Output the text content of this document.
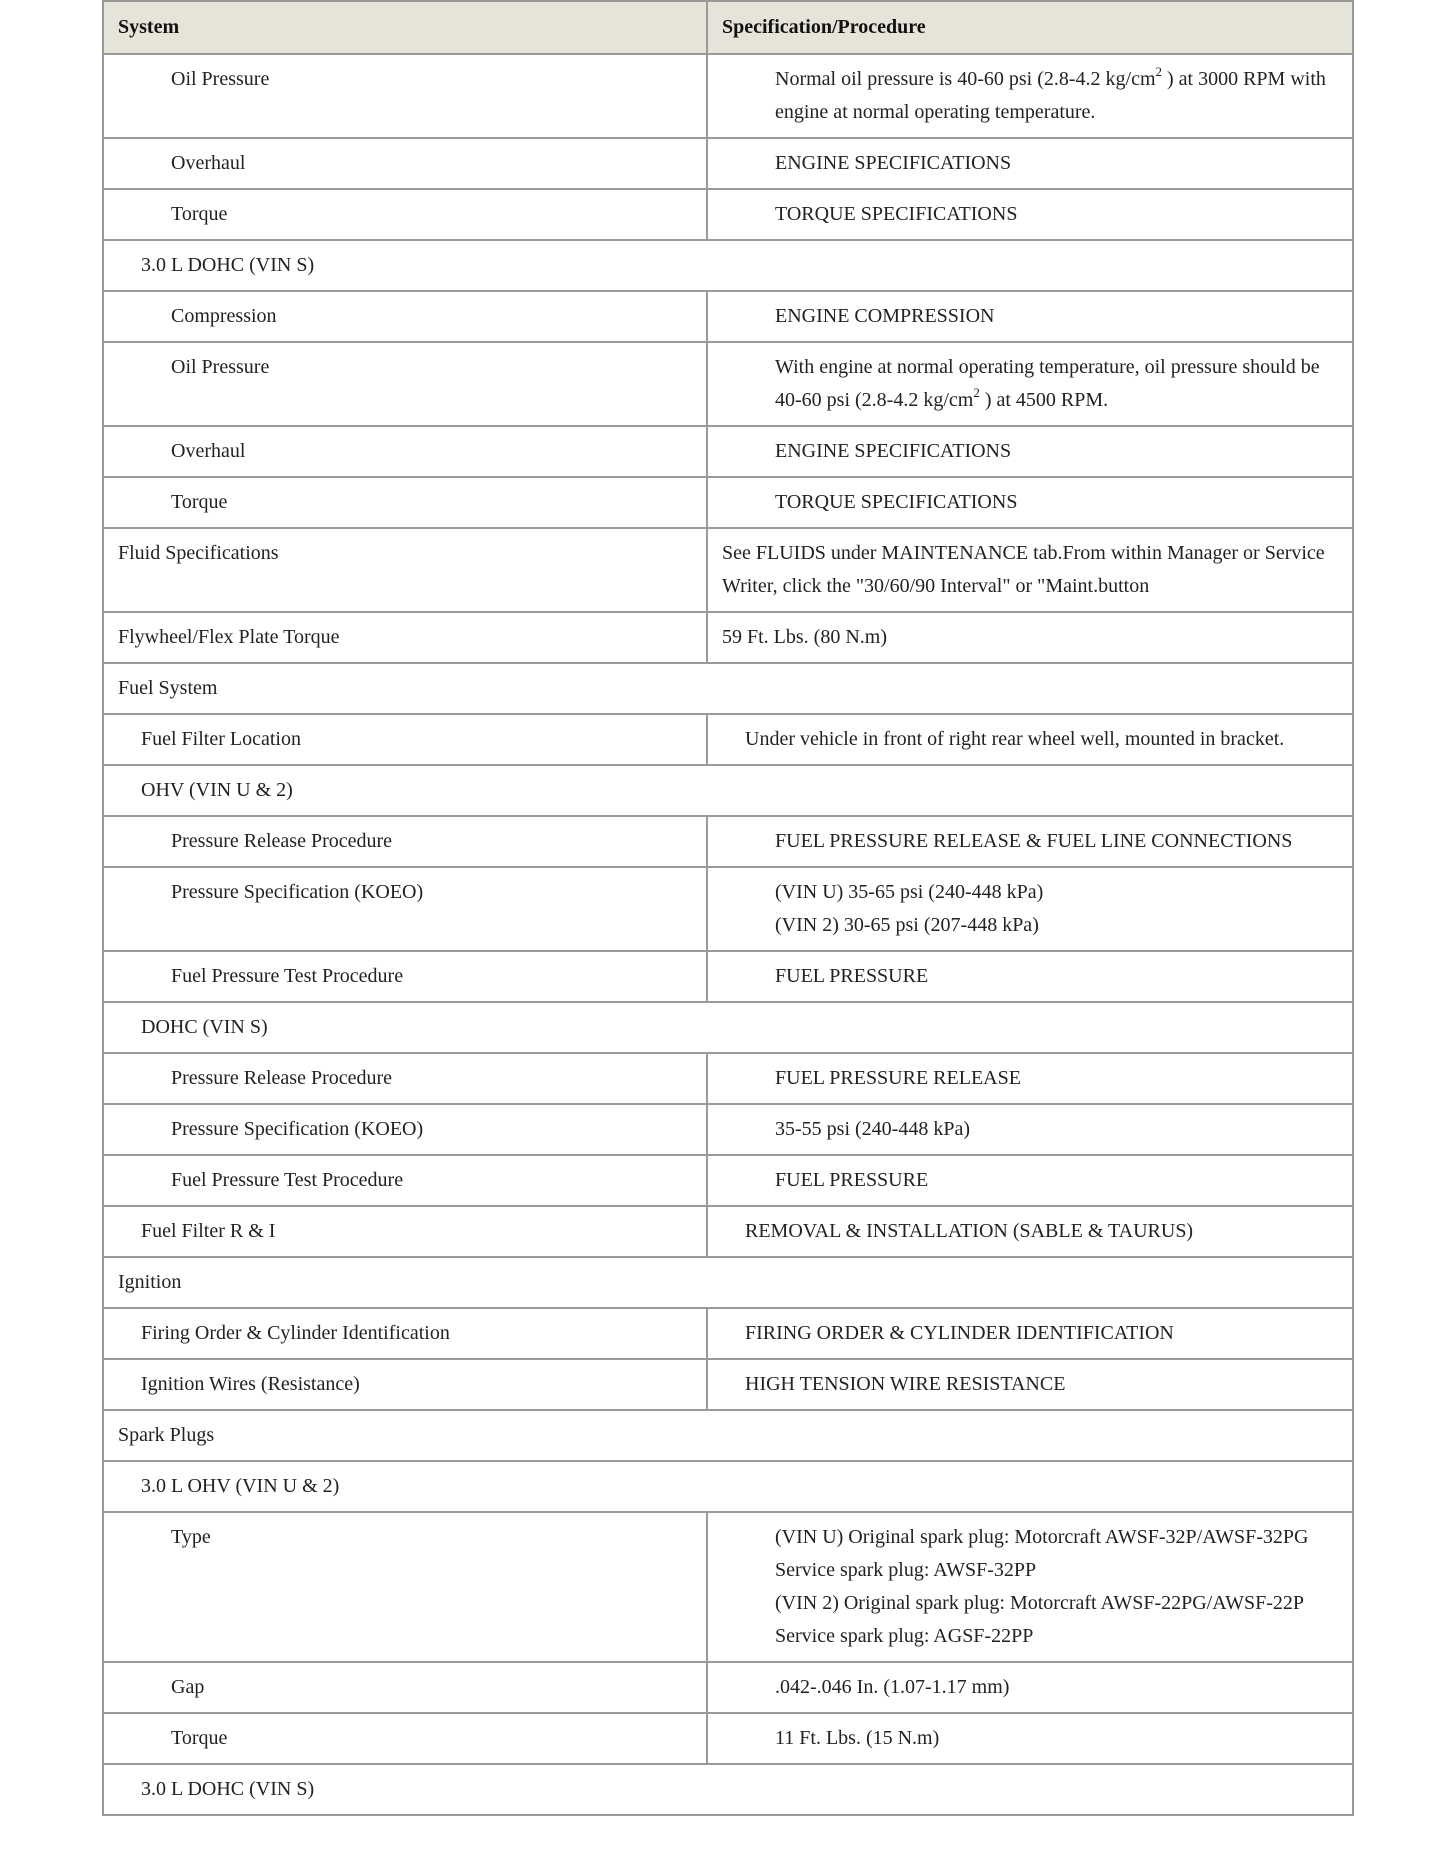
System	Specification/Procedure
Oil Pressure	Normal oil pressure is 40-60 psi (2.8-4.2 $kg/cm^2$ ) at 3000 RPM with engine at normal operating temperature.
Overhaul	ENGINE SPECIFICATIONS
Torque	TORQUE SPECIFICATIONS
3.0 L DOHC (VIN S)	
Compression	ENGINE COMPRESSION
Oil Pressure	With engine at normal operating temperature, oil pressure should be 40-60 psi (2.8-4.2 $kg/cm^2$ ) at 4500 RPM.
Overhaul	ENGINE SPECIFICATIONS
Torque	TORQUE SPECIFICATIONS
Fluid Specifications	See FLUIDS under MAINTENANCE tab.From within Manager or Service Writer, click the "30/60/90 Interval" or "Maint.button
Flywheel/Flex Plate Torque	59 Ft. Lbs. (80 N.m)
Fuel System	
Fuel Filter Location	Under vehicle in front of right rear wheel well, mounted in bracket.
OHV (VIN U & 2)	
Pressure Release Procedure	FUEL PRESSURE RELEASE & FUEL LINE CONNECTIONS
Pressure Specification (KOEO)	(VIN U) 35-65 psi (240-448 kPa)
(VIN 2) 30-65 psi (207-448 kPa)

Fuel Pressure Test Procedure	FUEL PRESSURE
DOHC (VIN S)	
Pressure Release Procedure	FUEL PRESSURE RELEASE
Pressure Specification (KOEO)	35-55 psi (240-448 kPa)
Fuel Pressure Test Procedure	FUEL PRESSURE
Fuel Filter R & I	REMOVAL & INSTALLATION (SABLE & TAURUS)
Ignition	
Firing Order & Cylinder Identification	FIRING ORDER & CYLINDER IDENTIFICATION
Ignition Wires (Resistance)	HIGH TENSION WIRE RESISTANCE
Spark Plugs	
3.0 L OHV (VIN U & 2)	
Type	(VIN U) Original spark plug: Motorcraft AWSF-32P/AWSF-32PG
Service spark plug: AWSF-32PP
(VIN 2) Original spark plug: Motorcraft AWSF-22PG/AWSF-22P
Service spark plug: AGSF-22PP

Gap	.042-.046 In. (1.07-1.17 mm)
Torque	11 Ft. Lbs. (15 N.m)
3.0 L DOHC (VIN S)	
